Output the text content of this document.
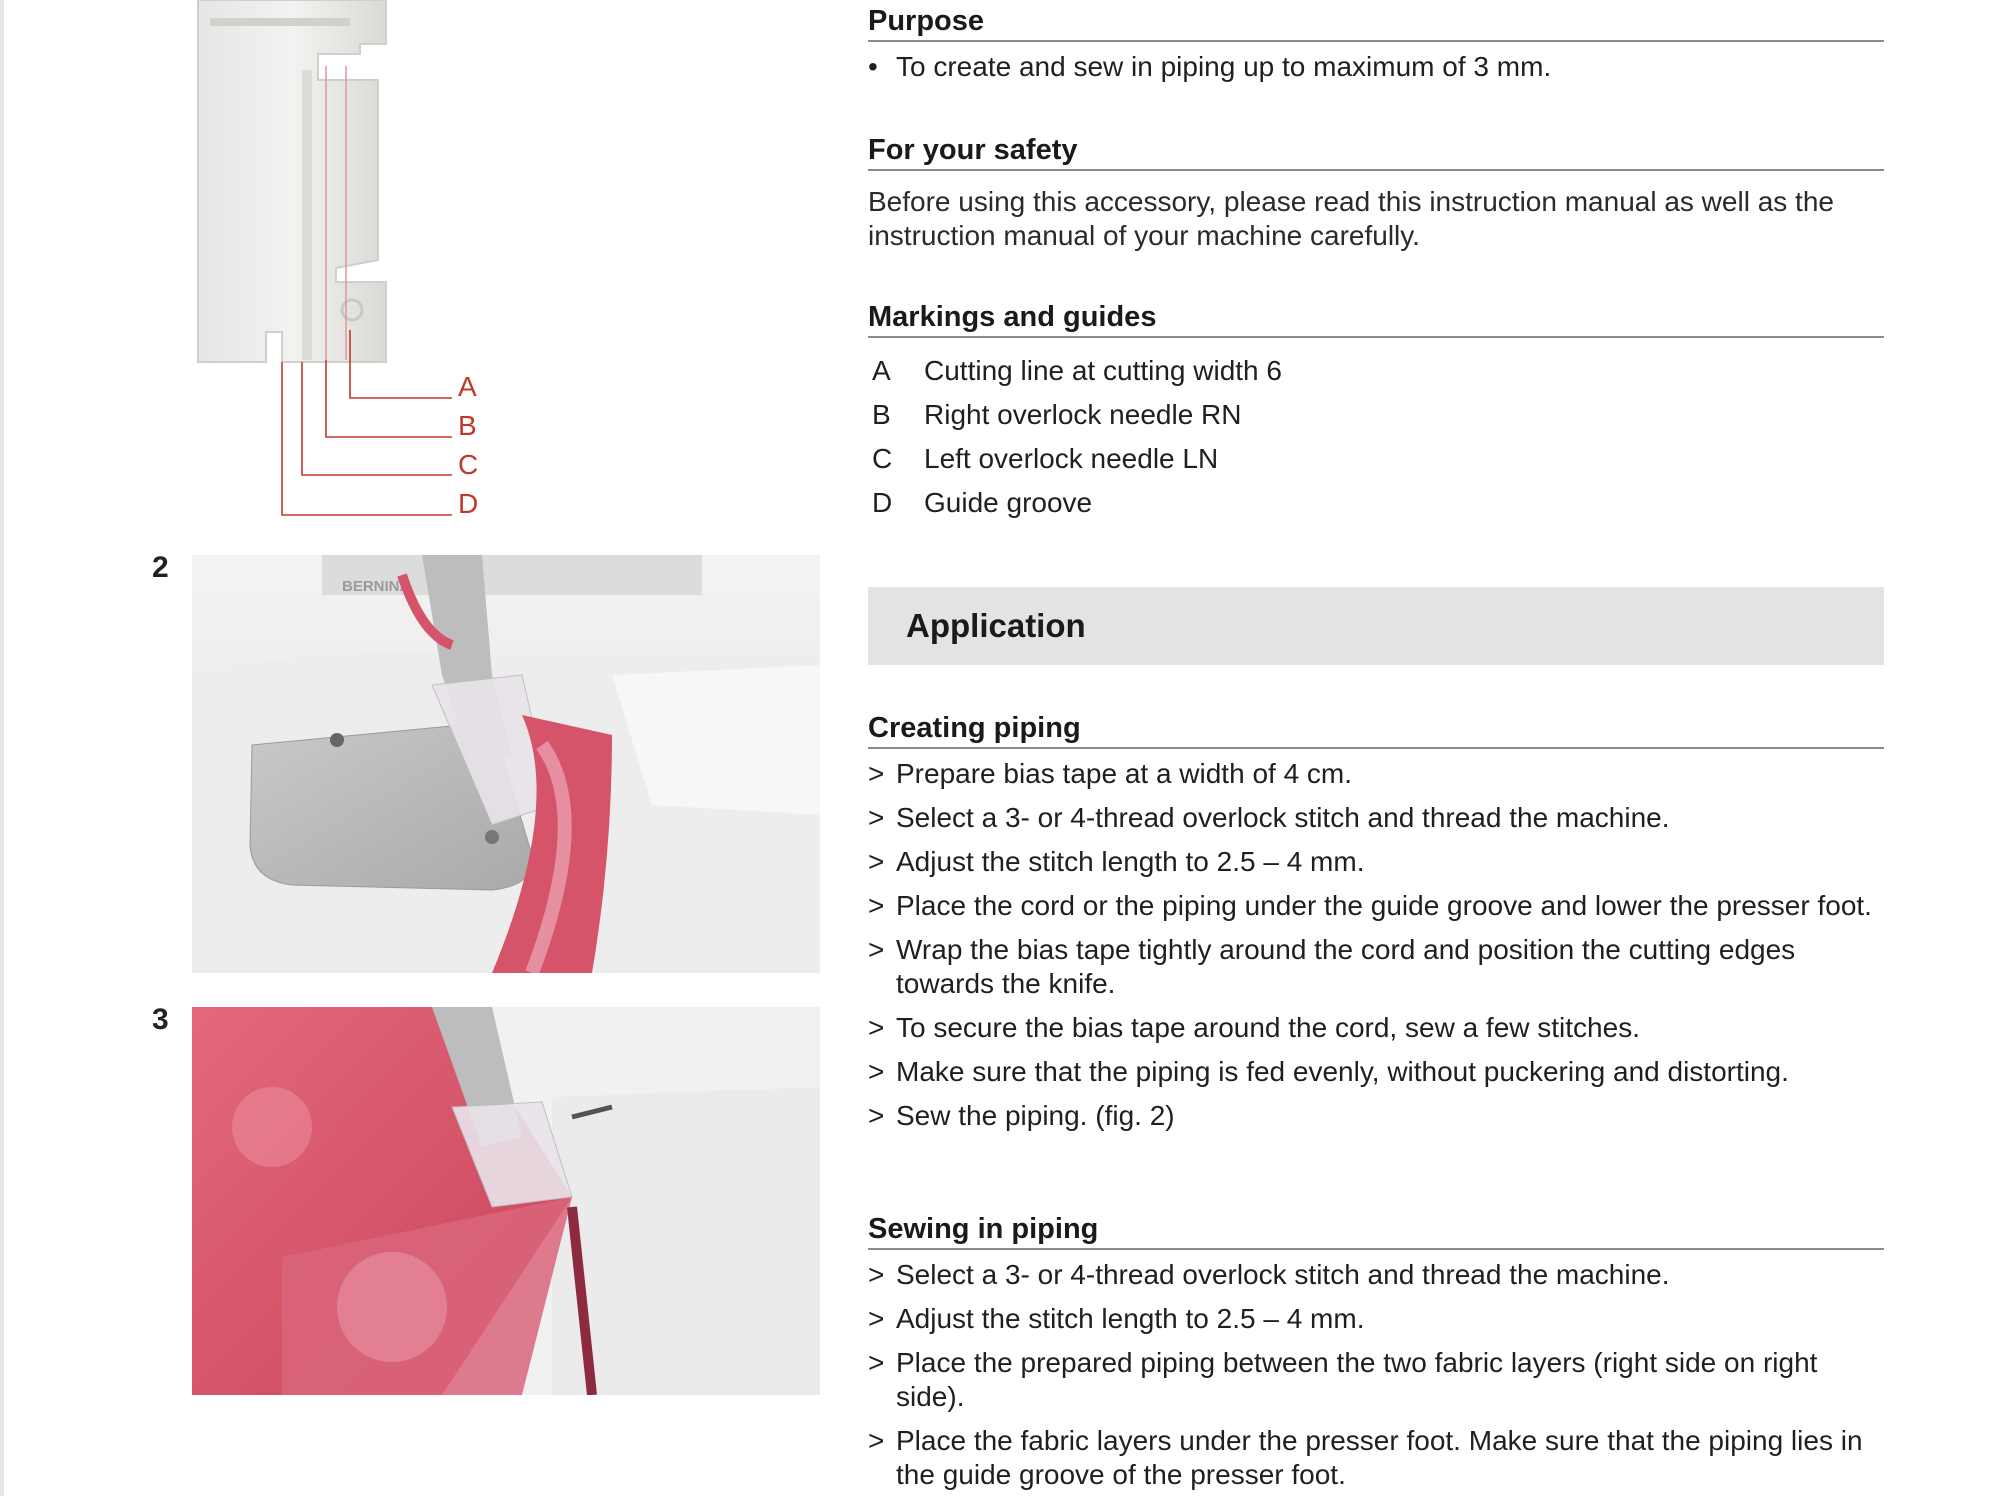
A
B
C
D
2
BERNINA
3
Purpose
• To create and sew in piping up to maximum of 3 mm.
For your safety
Before using this accessory, please read this instruction manual as well as the instruction manual of your machine carefully.
Markings and guides
A	Cutting line at cutting width 6
B	Right overlock needle RN
C	Left overlock needle LN
D	Guide groove
Application
Creating piping
> Prepare bias tape at a width of 4 cm.
> Select a 3- or 4-thread overlock stitch and thread the machine.
> Adjust the stitch length to 2.5 – 4 mm.
> Place the cord or the piping under the guide groove and lower the presser foot.
> Wrap the bias tape tightly around the cord and position the cutting edges towards the knife.
> To secure the bias tape around the cord, sew a few stitches.
> Make sure that the piping is fed evenly, without puckering and distorting.
> Sew the piping. (fig. 2)
Sewing in piping
> Select a 3- or 4-thread overlock stitch and thread the machine.
> Adjust the stitch length to 2.5 – 4 mm.
> Place the prepared piping between the two fabric layers (right side on right side).
> Place the fabric layers under the presser foot. Make sure that the piping lies in the guide groove of the presser foot.
